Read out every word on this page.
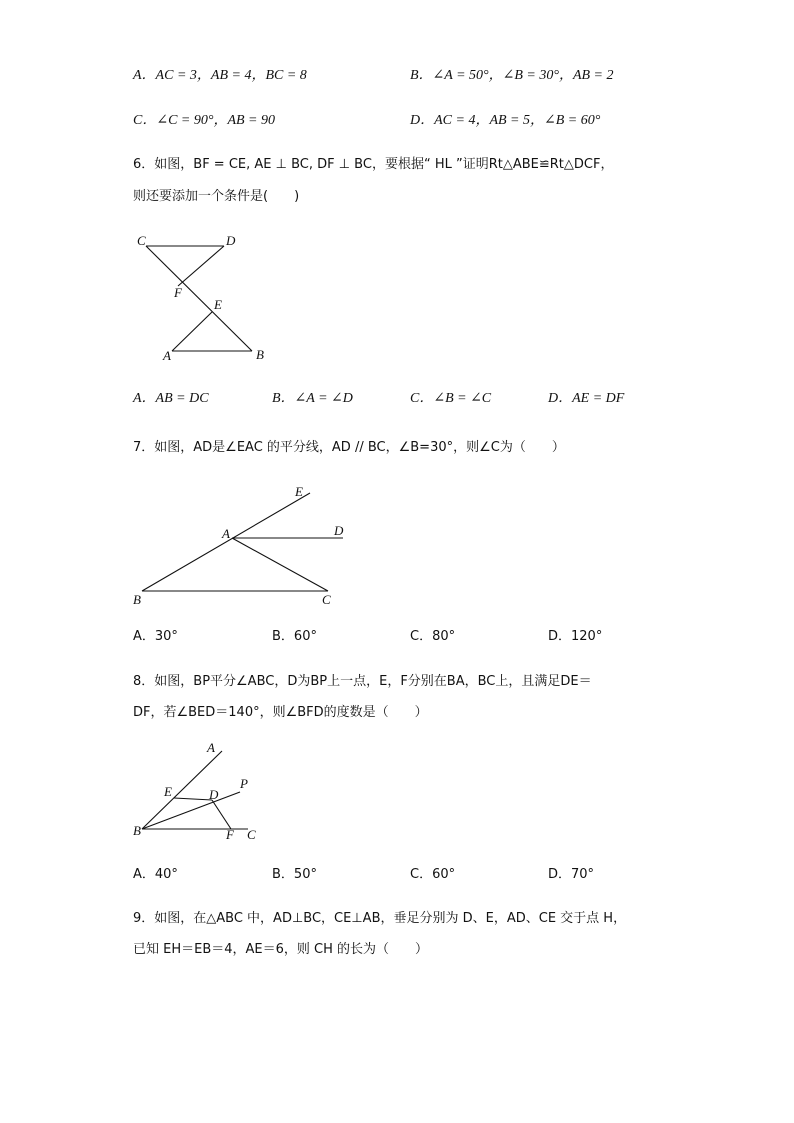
A．AC = 3，AB = 4，BC = 8	B．∠A = 50°，∠B = 30°，AB = 2
C．∠C = 90°，AB = 90	D．AC = 4，AB = 5，∠B = 60°
6．如图，BF = CE, AE ⊥ BC, DF ⊥ BC，要根据“ HL ”证明Rt△ABE≌Rt△DCF，
则还要添加一个条件是(　　)
C	D
F
E
A	B
A．AB = DC	B．∠A = ∠D	C．∠B = ∠C	D．AE = DF
7．如图，AD是∠EAC 的平分线，AD // BC，∠B=30°，则∠C为（　　）
E
D
A
B	C
A．30°	B．60°	C．80°	D．120°
8．如图，BP平分∠ABC，D为BP上一点，E，F分别在BA，BC上，且满足DE＝
DF，若∠BED＝140°，则∠BFD的度数是（　　）
A
P
E	D
B	F C
A．40°	B．50°	C．60°	D．70°
9．如图，在△ABC 中，AD⊥BC，CE⊥AB，垂足分别为 D、E，AD、CE 交于点 H，
已知 EH＝EB＝4，AE＝6，则 CH 的长为（　　）
